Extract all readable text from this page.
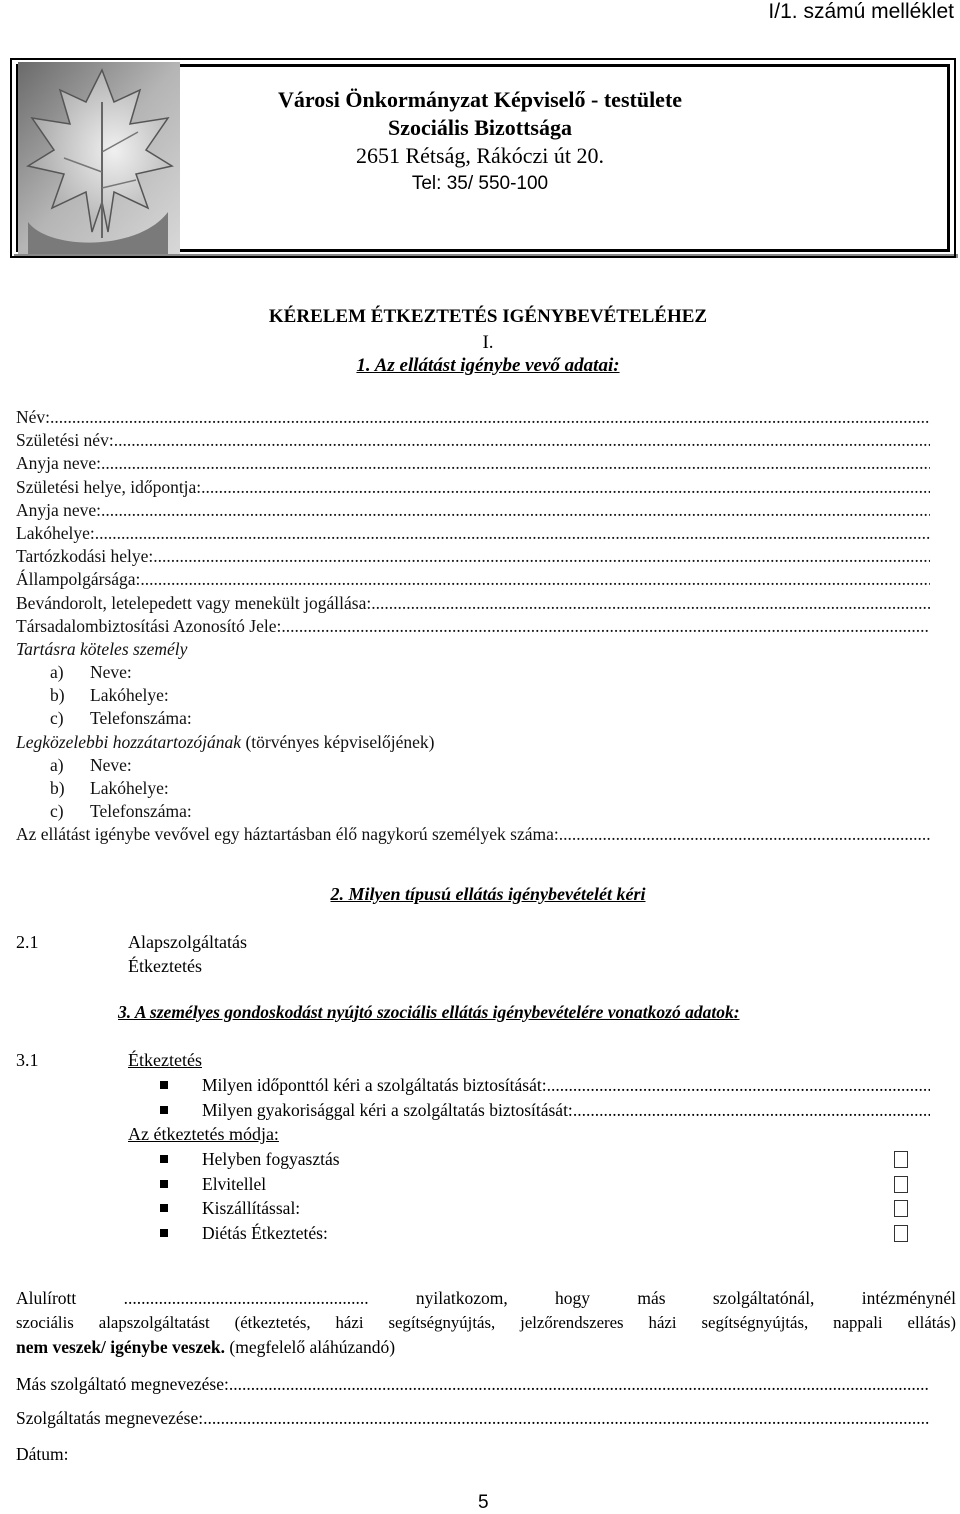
I/1. számú melléklet
Városi Önkormányzat Képviselő - testülete
Szociális Bizottsága
2651 Rétság, Rákóczi út 20.
Tel: 35/ 550-100
KÉRELEM ÉTKEZTETÉS IGÉNYBEVÉTELÉHEZ
I.
1. Az ellátást igénybe vevő adatai:
Név:
.....
Születési név:
.....
Anyja neve:
.....
Születési helye, időpontja:
.....
Anyja neve:
.....
Lakóhelye:
.....
Tartózkodási helye:
.....
Állampolgársága:
.....
Bevándorolt, letelepedett vagy menekült jogállása:
.....
Társadalombiztosítási Azonosító Jele:
.....
Tartásra köteles személy
a)	Neve:
b)	Lakóhelye:
c)	Telefonszáma:
Legközelebbi hozzátartozójának (törvényes képviselőjének)
a)	Neve:
b)	Lakóhelye:
c)	Telefonszáma:
Az ellátást igénybe vevővel egy háztartásban élő nagykorú személyek száma:
.....
2. Milyen típusú ellátás igénybevételét kéri
2.1	Alapszolgáltatás
Étkeztetés
3. A személyes gondoskodást nyújtó szociális ellátás igénybevételére vonatkozó adatok:
3.1	Étkeztetés
Milyen időponttól kéri a szolgáltatás biztosítását:
.....
Milyen gyakorisággal kéri a szolgáltatás biztosítását:
.....
Az étkeztetés módja:
Helyben fogyasztás
Elvitellel
Kiszállítással:
Diétás Étkeztetés:
Alulírott ........................................................ nyilatkozom, hogy más szolgáltatónál, intézménynél
szociális alapszolgáltatást (étkeztetés, házi segítségnyújtás, jelzőrendszeres házi segítségnyújtás, nappali ellátás)
nem veszek/ igénybe veszek. (megfelelő aláhúzandó)
Más szolgáltató megnevezése:
.....
Szolgáltatás megnevezése:
.....
Dátum:
5
